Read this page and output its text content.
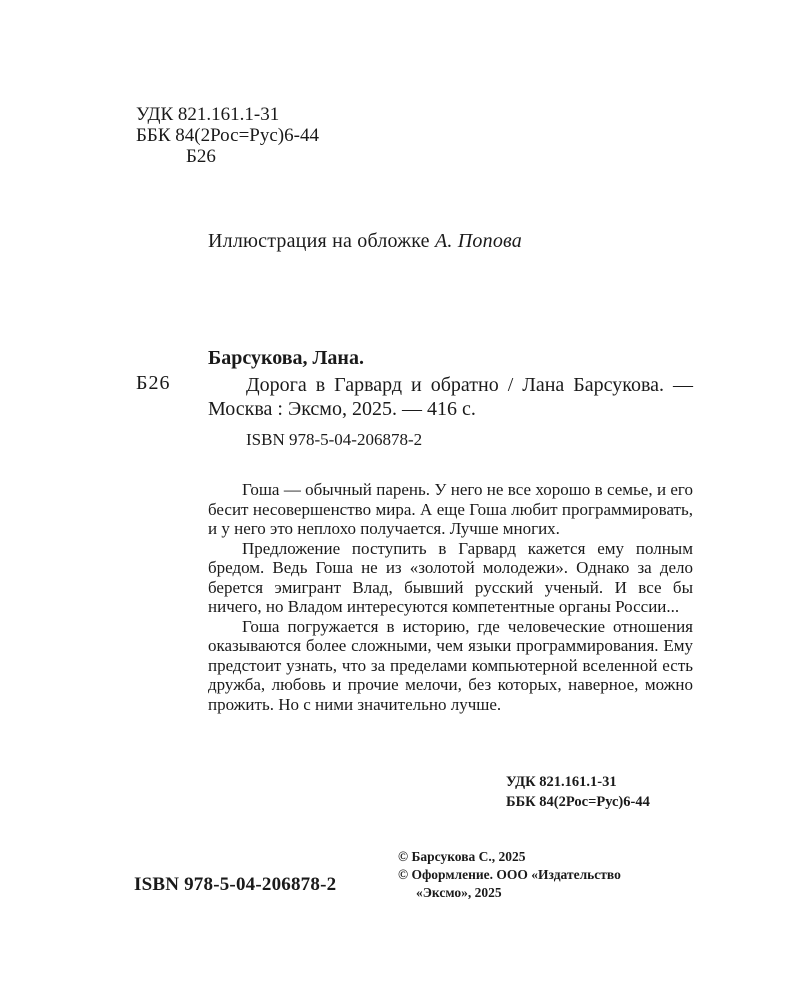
УДК 821.161.1-31
ББК 84(2Рос=Рус)6-44
Б26
Иллюстрация на обложке А. Попова
Б26
Барсукова, Лана.
Дорога в Гарвард и обратно / Лана Барсукова. — Москва : Эксмо, 2025. — 416 с.
ISBN 978-5-04-206878-2

Гоша — обычный парень. У него не все хорошо в семье, и его бесит несовершенство мира. А еще Гоша любит программировать, и у него это неплохо получается. Лучше многих.

Предложение поступить в Гарвард кажется ему полным бредом. Ведь Гоша не из «золотой молодежи». Однако за дело берется эмигрант Влад, бывший русский ученый. И все бы ничего, но Владом интересуются компетентные органы России...

Гоша погружается в историю, где человеческие отношения оказываются более сложными, чем языки программирования. Ему предстоит узнать, что за пределами компьютерной вселенной есть дружба, любовь и прочие мелочи, без которых, наверное, можно прожить. Но с ними значительно лучше.

УДК 821.161.1-31
ББК 84(2Рос=Рус)6-44
ISBN 978-5-04-206878-2
© Барсукова С., 2025
© Оформление. ООО «Издательство
«Эксмо», 2025
